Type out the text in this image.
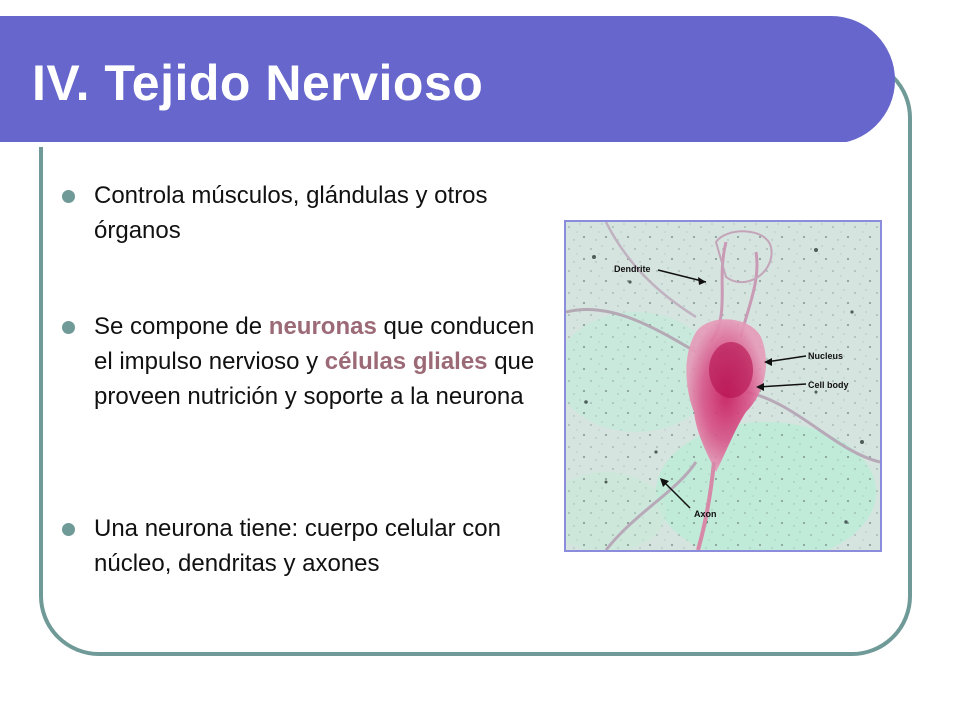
IV. Tejido Nervioso
Controla músculos, glándulas y otros órganos
Se compone de neuronas que conducen el impulso nervioso y células gliales que proveen nutrición y soporte a la neurona
Una neurona tiene: cuerpo celular con núcleo, dendritas y axones
Dendrite
Nucleus
Cell body
Axon
